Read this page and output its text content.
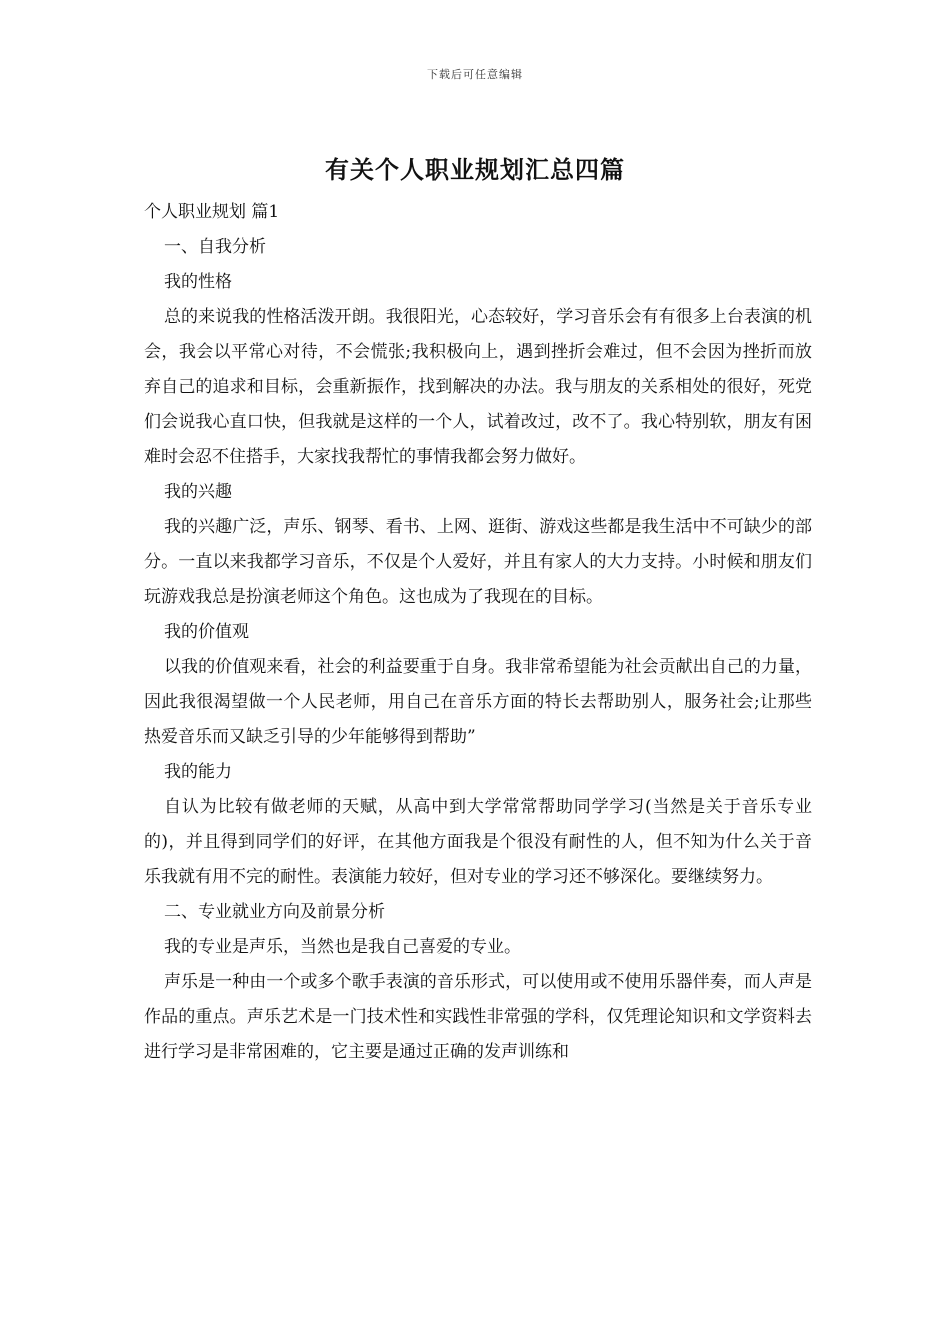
下载后可任意编辑
有关个人职业规划汇总四篇

个人职业规划 篇1

一、自我分析

我的性格

总的来说我的性格活泼开朗。我很阳光，心态较好，学习音乐会有有很多上台表演的机会，我会以平常心对待，不会慌张;我积极向上，遇到挫折会难过，但不会因为挫折而放弃自己的追求和目标，会重新振作，找到解决的办法。我与朋友的关系相处的很好，死党们会说我心直口快，但我就是这样的一个人，试着改过，改不了。我心特别软，朋友有困难时会忍不住搭手，大家找我帮忙的事情我都会努力做好。

我的兴趣

我的兴趣广泛，声乐、钢琴、看书、上网、逛街、游戏这些都是我生活中不可缺少的部分。一直以来我都学习音乐，不仅是个人爱好，并且有家人的大力支持。小时候和朋友们玩游戏我总是扮演老师这个角色。这也成为了我现在的目标。

我的价值观

以我的价值观来看，社会的利益要重于自身。我非常希望能为社会贡献出自己的力量，因此我很渴望做一个人民老师，用自己在音乐方面的特长去帮助别人，服务社会;让那些热爱音乐而又缺乏引导的少年能够得到帮助”

我的能力

自认为比较有做老师的天赋，从高中到大学常常帮助同学学习(当然是关于音乐专业的)，并且得到同学们的好评，在其他方面我是个很没有耐性的人，但不知为什么关于音乐我就有用不完的耐性。表演能力较好，但对专业的学习还不够深化。要继续努力。

二、专业就业方向及前景分析

我的专业是声乐，当然也是我自己喜爱的专业。

声乐是一种由一个或多个歌手表演的音乐形式，可以使用或不使用乐器伴奏，而人声是作品的重点。声乐艺术是一门技术性和实践性非常强的学科，仅凭理论知识和文学资料去进行学习是非常困难的，它主要是通过正确的发声训练和
